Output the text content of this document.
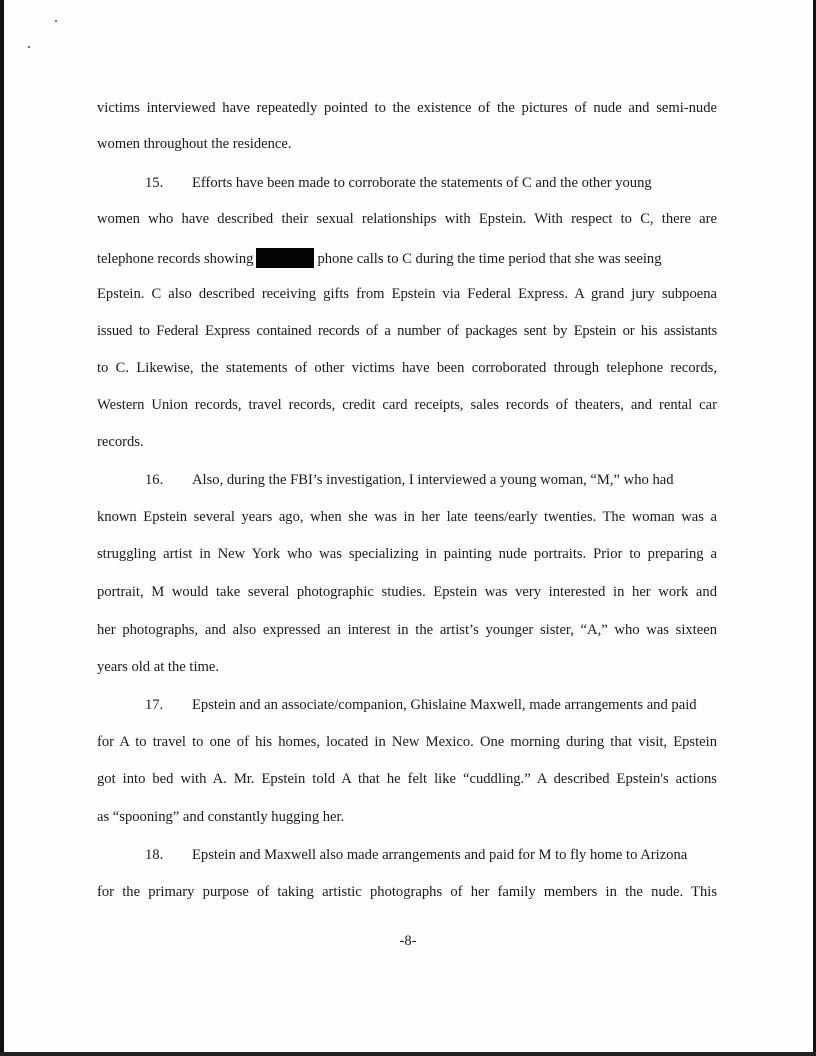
victims interviewed have repeatedly pointed to the existence of the pictures of nude and semi-nude
women throughout the residence.
15. Efforts have been made to corroborate the statements of C and the other young
women who have described their sexual relationships with Epstein. With respect to C, there are
telephone records showing	phone calls to C during the time period that she was seeing
Epstein. C also described receiving gifts from Epstein via Federal Express. A grand jury subpoena
issued to Federal Express contained records of a number of packages sent by Epstein or his assistants
to C. Likewise, the statements of other victims have been corroborated through telephone records,
Western Union records, travel records, credit card receipts, sales records of theaters, and rental car
records.
16. Also, during the FBI’s investigation, I interviewed a young woman, “M,” who had
known Epstein several years ago, when she was in her late teens/early twenties. The woman was a
struggling artist in New York who was specializing in painting nude portraits. Prior to preparing a
portrait, M would take several photographic studies. Epstein was very interested in her work and
her photographs, and also expressed an interest in the artist’s younger sister, “A,” who was sixteen
years old at the time.
17. Epstein and an associate/companion, Ghislaine Maxwell, made arrangements and paid
for A to travel to one of his homes, located in New Mexico. One morning during that visit, Epstein
got into bed with A. Mr. Epstein told A that he felt like “cuddling.” A described Epstein's actions
as “spooning” and constantly hugging her.
18. Epstein and Maxwell also made arrangements and paid for M to fly home to Arizona
for the primary purpose of taking artistic photographs of her family members in the nude. This
-8-
